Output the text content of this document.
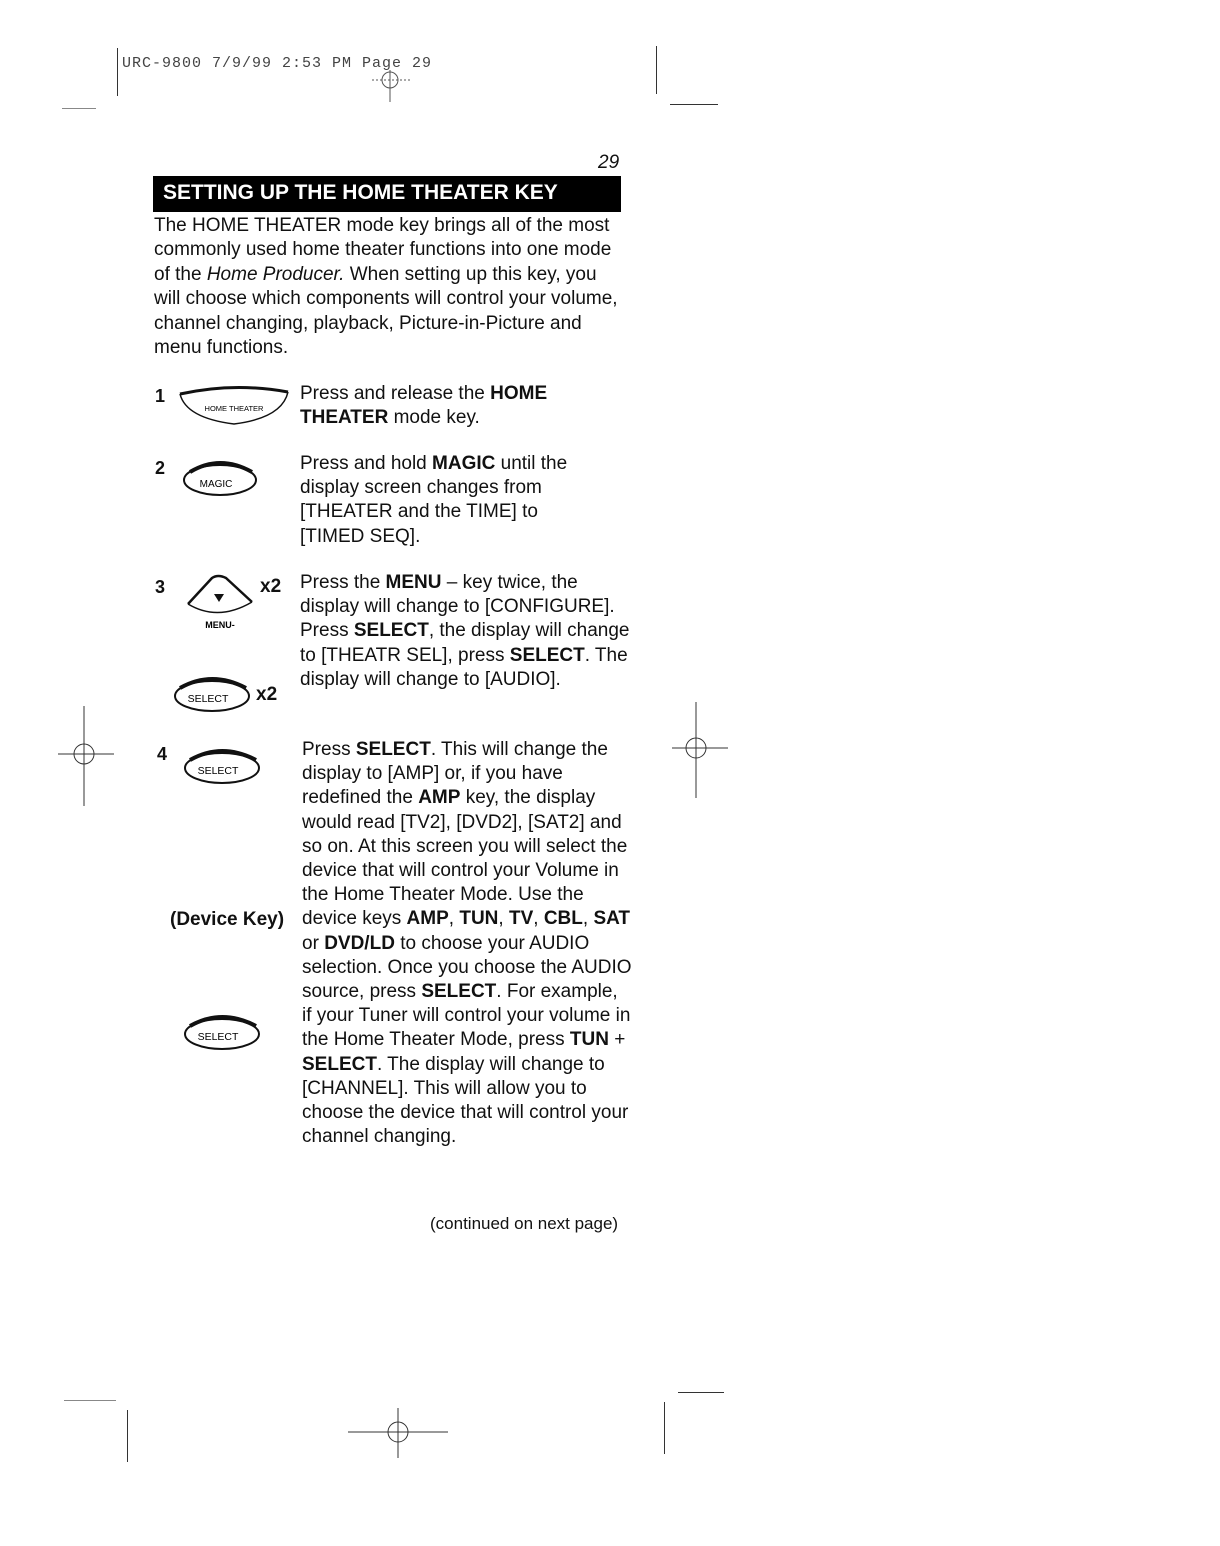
URC-9800 7/9/99 2:53 PM Page 29
29
SETTING UP THE HOME THEATER KEY

The HOME THEATER mode key brings all of the most commonly used home theater functions into one mode of the Home Producer. When setting up this key, you will choose which components will control your volume, channel changing, playback, Picture-in-Picture and menu functions.

1
HOME THEATER

Press and release the HOME THEATER mode key.

2
MAGIC

Press and hold MAGIC until the display screen changes from [THEATER and the TIME] to [TIMED SEQ].

3
MENU-
x2
SELECT x2

Press the MENU – key twice, the display will change to [CONFIGURE]. Press SELECT, the display will change to [THEATR SEL], press SELECT. The display will change to [AUDIO].

4
SELECT
(Device Key)
SELECT

Press SELECT. This will change the display to [AMP] or, if you have redefined the AMP key, the display would read [TV2], [DVD2], [SAT2] and so on. At this screen you will select the device that will control your Volume in the Home Theater Mode. Use the device keys AMP, TUN, TV, CBL, SAT or DVD/LD to choose your AUDIO selection. Once you choose the AUDIO source, press SELECT. For example, if your Tuner will control your volume in the Home Theater Mode, press TUN + SELECT. The display will change to [CHANNEL]. This will allow you to choose the device that will control your channel changing.

(continued on next page)
